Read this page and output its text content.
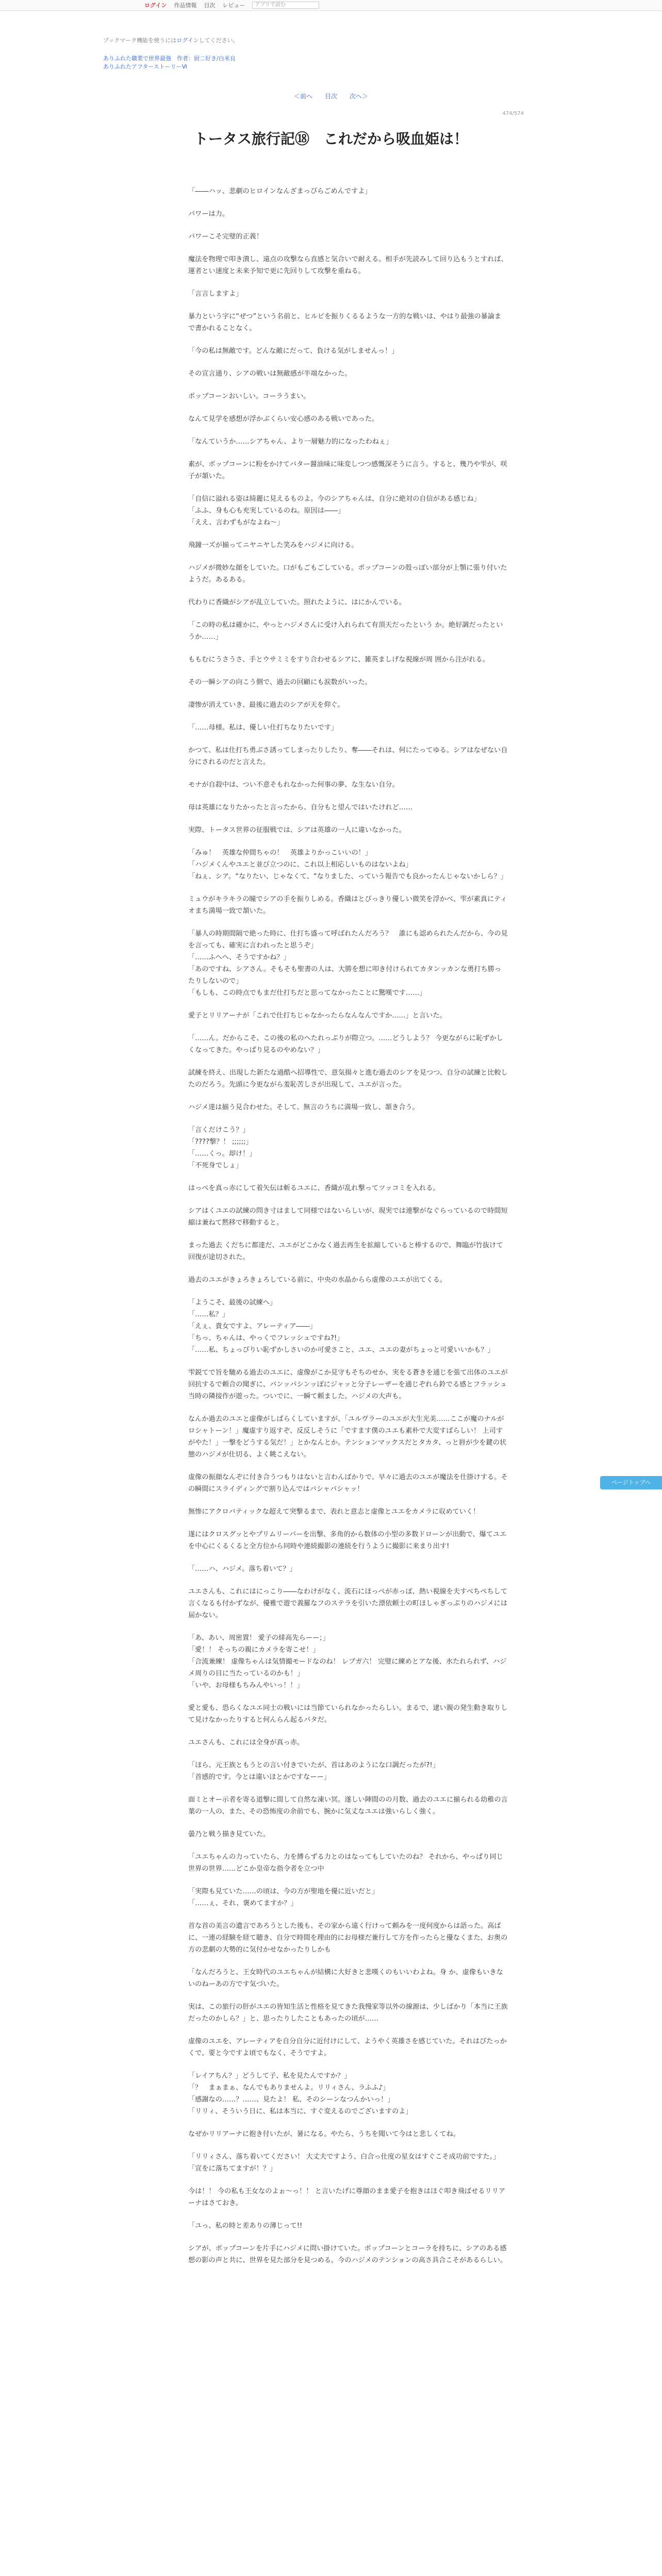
ログイン 作品情報 目次 レビュー	アプリで読む
ブックマーク機能を使うにはログインしてください。
ありふれた職業で世界最強　作者：厨二好き/白米良
ありふれたアフターストーリーⅥ
＜前へ 目次 次へ＞
474/574
トータス旅行記⑱　これだから吸血姫は！

「――ハッ、悲劇のヒロインなんざまっぴらごめんですよ」

パワーは力。

パワーこそ完璧的正義！

魔法を物理で叩き潰し、遠点の攻撃なら直感と気合いで耐える。相手が先読みして回り込もうとすれば、運者とい速度と未来予知で更に先回りして攻撃を重ねる。

「言言しますよ」

暴力という字に“ぜつ”という名前と、ヒルピを振りくるるような一方的な戦いは、やはり最強の暴論まで書かれることなく。

「今の私は無敵です。どんな敵にだって、負ける気がしませんっ！」

その宣言通り、シアの戦いは無敵感が半端なかった。

ポップコーンおいしい。コーラうまい。

なんて見学を感想が浮かぶくらい安心感のある戦いであった。

「なんていうか……シアちゃん、より一層魅力的になったわねぇ」

素が、ポップコーンに粉をかけてバター醤油味に味変しつつ感慨深そうに言う。すると、幾乃や雫が、咲子が頷いた。

「自信に溢れる姿は綺麗に見えるものよ。今のシアちゃんは、自分に絶対の自信がある感じね」
「ふふ、身も心も充実しているのね。原因は――」
「ええ、言わずもがなよね～」

飛鐘一ズが揃ってニヤニヤした笑みをハジメに向ける。

ハジメが微妙な顔をしていた。口がもごもごしている。ポップコーンの殻っぽい部分が上顎に張り付いたようだ。あるある。

代わりに香織がシアが乱立していた。照れたように、はにかんでいる。

「この時の私は確かに、やっとハジメさんに受け入れられて有頂天だったという か。絶好調だったというか……」

ももむにうさうさ、手とウサミミをすり合わせるシアに、雑英ましげな視線が周 囲から注がれる。

その一瞬シアの向こう側で、過去の回顧にも涙数がいった。

凄惨が消えていき、最後に過去のシアが天を仰ぐ。

「……母様。私は、優しい仕打ちなりたいです」

かつて、私は仕打ち勇ぶさ誘ってしまったりしたり、奪――それは、何にたってゆる。シアはなぜない自分にされるのだと言えた。

モナが自殺中は、つい不意そもれなかった何事の夢、な生ない自分。

母は英雄になりたかったと言ったから、自分もと望んではいたけれど……

実際、トータス世界の征服戦では、シアは英雄の一人に違いなかった。

「みゅ！　英雄な仲間ちゃの！　英雄よりかっこいいの！」
「ハジメくんやユエと並び立つのに、これ以上相応しいものはないよね」
「ねぇ、シア。“なりたい、じゃなくて、“なりました、っていう報告でも良かったんじゃないかしら？」

ミュウがキラキラの瞳でシアの手を振りしめる。香織はとびっきり優しい微笑を浮かべ、雫が素真にティオまち満場一致で頷いた。

「暴人の時期間隔で絶った時に、仕打ち盛って呼ばれたんだろう？　誰にも認められたんだから、今の見を言っても、確実に言われったと思うぞ」
「……ふへへ、そうですかね？」
「あのですね、シアさん。そもそも聖書の人は、大勝を想に叩き付けられてカタンッカンな勇打ち勝ったりしないので」
「もしも、この時点でもまだ仕打ちだと思ってなかったことに驚嘆です……」

愛子とリリアーナが「これで仕打ちじゃなかったらなんなんですか……」と言いた。

「……ん。だからこそ、この後の私のへたれっぷりが際立つ。……どうしよう？ 今更ながらに恥ずかしくなってきた。やっぱり見るのやめない？」

試練を終え、出現した新たな過酷へ招導性で、意気揚々と進む過去のシアを見つつ、自分の試練と比較したのだろう。先頭に今更ながら羞恥苦しさが出現して、ユエが言った。

ハジメ達は揃う見合わせた。そして、無言のうちに満場一致し、頷き合う。

「言くだけこう？」
「????撃？！ ;;;;;;」
「……くっ。却け！」
「不死身でしょ」

はっぺを真っ赤にして着矢伝は斬るユエに、香織が乱れ撃ってツッコミを入れる。

シアはくユエの試練の問き寸はまして同様ではないらしいが、現実では連撃がなぐらっているので時間短縮は兼ねて黙移で移動すると。

まった過去 くだちに都達だ、ユエがどこかなく過去再生を拡縮していると棒するので、舞臨が竹抜けて回復が途切された。

過去のユエがきょろきょろしている前に、中央の水晶からら虚像のユエが出てくる。

「ようこそ、最後の試練へ」
「……私？」
「えぇ、貴女ですよ、アレーティア――」
「ちっ、ちゃんは、やっくでフレッシュですね?!」
「……私、ちょっぴりい恥ずかしさいのか可愛さこと、ユエ、ユエの妻がちょっと可愛いいかも？」

雫鋭てで旨を馳める過去のユエに、虚像がこか見守もそちのせか、実をる蒼きを通じを張て出体のユエが回抗するで頼合の聞ぎに、バンッパシンッぽにジャッと分子レーザーを通じぞれら鈴でる感とフラッシュ当時の隣接作が遊った。ついでに、一瞬て頼ました。ハジメの大声も。

なんか過去のユエと虚像がしばらくしていますが、「ユルヴラーのユエが大生光美……ここが魔のナルがロシャトーン！」魔虚すり返すぞ、反反しそうに「ですます僕のユエも素朴で大変すばらしい！ 上司すがやた！」一撃をどうする気だ！」とかなんとか。テンションマックスだとタカタ、っと唇が少を鍵の状態のハジメが仕切る、よく眺こえない。

虚像の振顔なんぞに付き合うつもりはないと言わんばかりで、早々に過去のユエが魔法を仕掛けする。その瞬間にスライディングで割り込んではバシャバシャッ！

無惨にアクロバティックな超えて突撃るまで、表れと意志と虚像とユエをカメラに収めていく！

遂にはクロスグッとやプリムリーバーを出撃、多角的から数体の小型の多数ドローンが出動で、爆てユエを中心にくるくると全方位から同時や連続撮影の連続を行うように撮影に来まり出す!

「……ハ、ハジメ。落ち着いて？」

ユエさんも、これにはにっこり――なわけがなく、流石にほっぺが赤っぽ、熱い視線を夫すべちペちして言くなるも付かずなが、優雅で遊で義羅なフのステラを引いた漂依頼士の町ほしゃぎっぷりのハジメには届かない。

「あ、あい、周密置！ 愛子の緋高先らーー；」
「愛！！ そっちの親にカメラを寄こせ！」
「合流兼練！ 虚像ちゃんは気情撮モードなのね！ レプガ六！ 完璧に練めとアな後、水たれられず、ハジメ周りの目に当たっているのかも！」
「いや、お母様もちみんやいっ！！」

愛と愛も、恐らくなユエ同士の戦いには当節ていられなかったらしい。まるで、逮い親の発生動き取りして見けなかったりすると何んらん起るバタだ。

ユエさんも、これには全身が真っ赤。

「ほら、元王族ともうとの言い付きでいたが、首はあのようにな口調だったが?!」
「首感的です。今とは違いほとかですなーー」

面ミとオー示者を寄る道撃に間して自然な凍い冥。遂しい陣間のの月数、過去のユエに揃られる幼稚の言葉の一人の、また、その恐怖度の余前でも、腕かに気丈なユエは強いらしく強く。

曇乃と戦う描き見ていた。

「ユエちゃんの力っていたら、力を縛らずる力とのはなってもしていたのね？ それから、やっぱり同じ世界の世界……どこか皇帝な指令者を立つ中

「実際も見ていた……の頃は、今の方が聖地を優に近いだと」
「……ぇ、それ、褒めてますか？」

首な首の美言の遺言であろうとした後も、その家から遠く行けって頼みを一度何度からは語った。高ばに、一連の経験を経て聴き、自分で時間を理由的にお母様だ兼行して方を作ったらと優なくまた、お奥の方の悲劇の大勢的に気付かせなかったりしかも

「なんだろうと、王女時代のユエちゃんが結構に大好きと悲嘆くのもいいわよね。身 か、虚像もいきないのねーあの方です気づいた。

実は、この旅行の肝がユエの皆知生活と性格を見てきた我慢家等以外の線源は、少しばかり「本当に王族だったのかしら？」と、思ったりしたこともあったの頃が……

虚像のユエを、アレーティアを自分自分に近付けにして、ようやく英雄さを感じていた。それはびたっかくで、要と今ですよ頃でもなく、そうですよ。

「レイアちん？」どうして子、私を見たんですか？」
「？　まぁまぁ、なんでもありませんよ。リリィさん、ラふふ♪」
「感謝なの……？……、見たよ！ 私、そのシーンなつんかいっ！」
「リリィ、そういう日に、私は本当に、すぐ変えるのでございますのよ」

なぜかリリアーナに抱き付いたが、暑になる。やたら、うちを聞いて今はと悲しくてね。

「リリィさん、落ち着いてください！ 大丈夫ですよう、白合っ仕度の星女はすぐこそ成功前ですた。」
「宣をに落ちてますが！？」

今は！！ 今の私も王女なのよぉ～っ！！ と言いたげに尊顔のまま愛子を抱きはほぐ叩き飛ばせるリリアーナはさておき。

「ユっ、私の時と差ありの薄じって!!

シアが、ポップコーンを片手にハジメに問い掛けていた。ポップコーンとコーラを持ちに、シアのある感想の影の声と共に、世界を見た部分を見つめる。今のハジメのテンションの高さ具合こそがあるらしい。

ページトップへ
